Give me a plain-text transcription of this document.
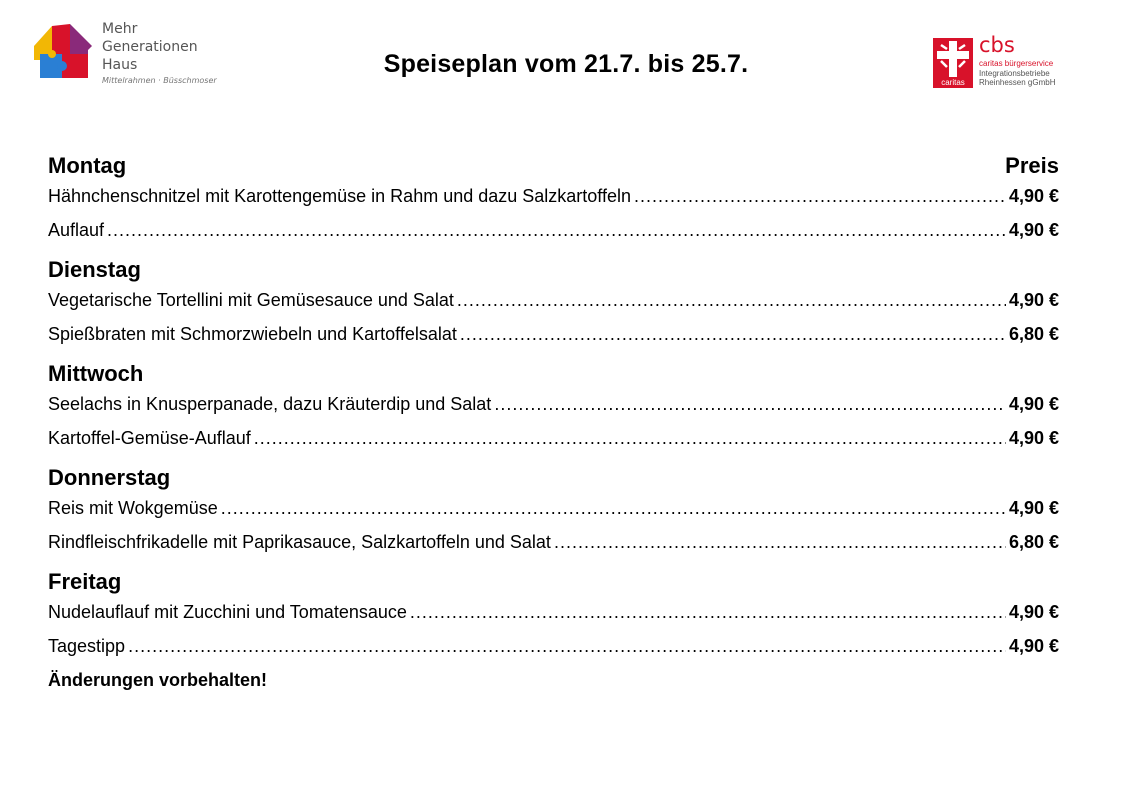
Mehr
Generationen
Haus
Mittelrahmen · Büsschmoser
Speiseplan vom 21.7. bis 25.7.
caritas
cbs
caritas bürgerservice
Integrationsbetriebe
Rheinhessen gGmbH
Montag	Preis
Hähnchenschnitzel mit Karottengemüse in Rahm und dazu Salzkartoffeln .....	4,90 €
Auflauf .....	4,90 €
Dienstag
Vegetarische Tortellini mit Gemüsesauce und Salat .....	4,90 €
Spießbraten mit Schmorzwiebeln und Kartoffelsalat .....	6,80 €
Mittwoch
Seelachs in Knusperpanade, dazu Kräuterdip und Salat .....	4,90 €
Kartoffel-Gemüse-Auflauf .....	4,90 €
Donnerstag
Reis mit Wokgemüse .....	4,90 €
Rindfleischfrikadelle mit Paprikasauce, Salzkartoffeln und Salat .....	6,80 €
Freitag
Nudelauflauf mit Zucchini und Tomatensauce .....	4,90 €
Tagestipp .....	4,90 €
Änderungen vorbehalten!
